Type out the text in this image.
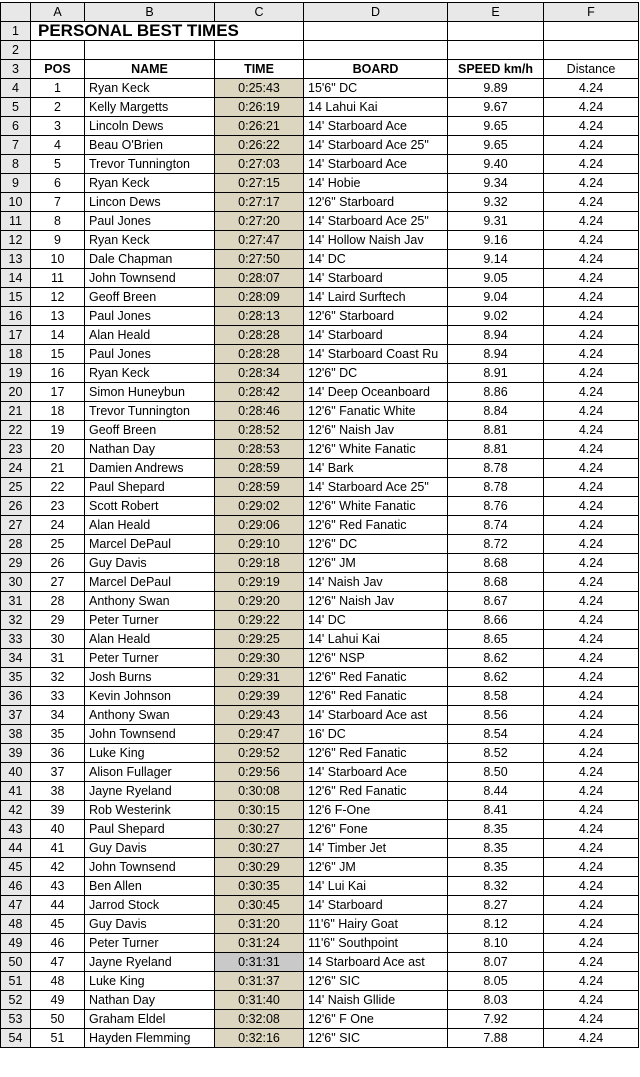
	A	B	C	D	E	F
1	PERSONAL BEST TIMES					
2						
3	POS	NAME	TIME	BOARD	SPEED km/h	Distance
4	1	Ryan Keck	0:25:43	15'6" DC	9.89	4.24
5	2	Kelly Margetts	0:26:19	14 Lahui Kai	9.67	4.24
6	3	Lincoln Dews	0:26:21	14' Starboard Ace	9.65	4.24
7	4	Beau O'Brien	0:26:22	14' Starboard Ace 25"	9.65	4.24
8	5	Trevor Tunnington	0:27:03	14' Starboard Ace	9.40	4.24
9	6	Ryan Keck	0:27:15	14' Hobie	9.34	4.24
10	7	Lincon Dews	0:27:17	12'6" Starboard	9.32	4.24
11	8	Paul Jones	0:27:20	14' Starboard Ace 25"	9.31	4.24
12	9	Ryan Keck	0:27:47	14' Hollow Naish Jav	9.16	4.24
13	10	Dale Chapman	0:27:50	14' DC	9.14	4.24
14	11	John Townsend	0:28:07	14' Starboard	9.05	4.24
15	12	Geoff Breen	0:28:09	14' Laird Surftech	9.04	4.24
16	13	Paul Jones	0:28:13	12'6" Starboard	9.02	4.24
17	14	Alan Heald	0:28:28	14' Starboard	8.94	4.24
18	15	Paul Jones	0:28:28	14' Starboard Coast Ru	8.94	4.24
19	16	Ryan Keck	0:28:34	12'6" DC	8.91	4.24
20	17	Simon Huneybun	0:28:42	14' Deep Oceanboard	8.86	4.24
21	18	Trevor Tunnington	0:28:46	12'6" Fanatic White	8.84	4.24
22	19	Geoff Breen	0:28:52	12'6" Naish Jav	8.81	4.24
23	20	Nathan Day	0:28:53	12'6" White Fanatic	8.81	4.24
24	21	Damien Andrews	0:28:59	14' Bark	8.78	4.24
25	22	Paul Shepard	0:28:59	14' Starboard Ace 25"	8.78	4.24
26	23	Scott Robert	0:29:02	12'6" White Fanatic	8.76	4.24
27	24	Alan Heald	0:29:06	12'6" Red Fanatic	8.74	4.24
28	25	Marcel DePaul	0:29:10	12'6" DC	8.72	4.24
29	26	Guy Davis	0:29:18	12'6" JM	8.68	4.24
30	27	Marcel DePaul	0:29:19	14' Naish Jav	8.68	4.24
31	28	Anthony Swan	0:29:20	12'6" Naish Jav	8.67	4.24
32	29	Peter Turner	0:29:22	14' DC	8.66	4.24
33	30	Alan Heald	0:29:25	14' Lahui Kai	8.65	4.24
34	31	Peter Turner	0:29:30	12'6" NSP	8.62	4.24
35	32	Josh Burns	0:29:31	12'6" Red Fanatic	8.62	4.24
36	33	Kevin Johnson	0:29:39	12'6" Red Fanatic	8.58	4.24
37	34	Anthony Swan	0:29:43	14' Starboard Ace ast	8.56	4.24
38	35	John Townsend	0:29:47	16' DC	8.54	4.24
39	36	Luke King	0:29:52	12'6" Red Fanatic	8.52	4.24
40	37	Alison Fullager	0:29:56	14' Starboard Ace	8.50	4.24
41	38	Jayne Ryeland	0:30:08	12'6" Red Fanatic	8.44	4.24
42	39	Rob Westerink	0:30:15	12'6 F-One	8.41	4.24
43	40	Paul Shepard	0:30:27	12'6" Fone	8.35	4.24
44	41	Guy Davis	0:30:27	14' Timber Jet	8.35	4.24
45	42	John Townsend	0:30:29	12'6" JM	8.35	4.24
46	43	Ben Allen	0:30:35	14' Lui Kai	8.32	4.24
47	44	Jarrod Stock	0:30:45	14' Starboard	8.27	4.24
48	45	Guy Davis	0:31:20	11'6" Hairy Goat	8.12	4.24
49	46	Peter Turner	0:31:24	11'6" Southpoint	8.10	4.24
50	47	Jayne Ryeland	0:31:31	14 Starboard Ace ast	8.07	4.24
51	48	Luke King	0:31:37	12'6" SIC	8.05	4.24
52	49	Nathan Day	0:31:40	14' Naish Gllide	8.03	4.24
53	50	Graham Eldel	0:32:08	12'6" F One	7.92	4.24
54	51	Hayden Flemming	0:32:16	12'6" SIC	7.88	4.24
